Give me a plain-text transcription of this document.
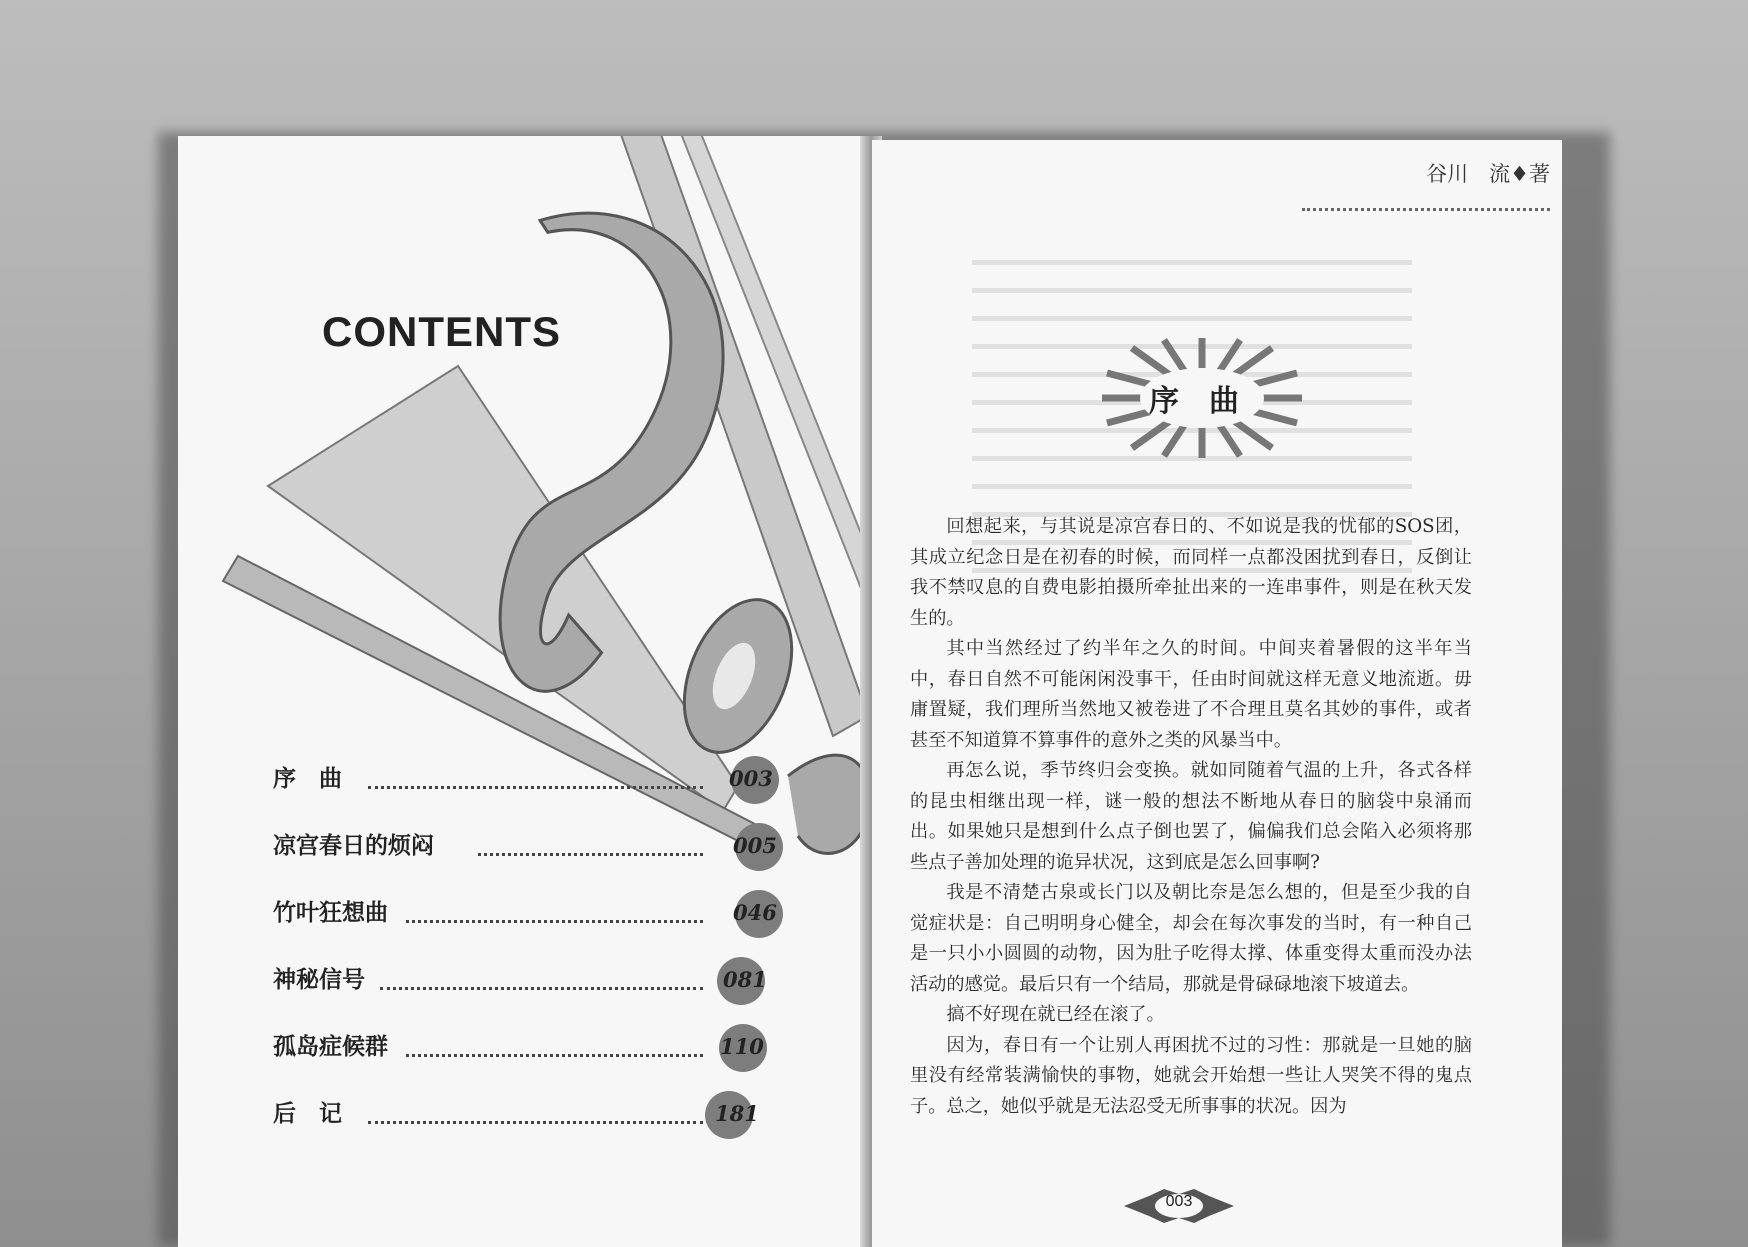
CONTENTS
序　曲	003
凉宫春日的烦闷	005
竹叶狂想曲	046
神秘信号	081
孤岛症候群	110
后　记	181
谷川　流♦著
序曲

回想起来，与其说是凉宫春日的、不如说是我的忧郁的SOS团，其成立纪念日是在初春的时候，而同样一点都没困扰到春日，反倒让我不禁叹息的自费电影拍摄所牵扯出来的一连串事件，则是在秋天发生的。

其中当然经过了约半年之久的时间。中间夹着暑假的这半年当中，春日自然不可能闲闲没事干，任由时间就这样无意义地流逝。毋庸置疑，我们理所当然地又被卷进了不合理且莫名其妙的事件，或者甚至不知道算不算事件的意外之类的风暴当中。

再怎么说，季节终归会变换。就如同随着气温的上升，各式各样的昆虫相继出现一样，谜一般的想法不断地从春日的脑袋中泉涌而出。如果她只是想到什么点子倒也罢了，偏偏我们总会陷入必须将那些点子善加处理的诡异状况，这到底是怎么回事啊?

我是不清楚古泉或长门以及朝比奈是怎么想的，但是至少我的自觉症状是：自己明明身心健全，却会在每次事发的当时，有一种自己是一只小小圆圆的动物，因为肚子吃得太撑、体重变得太重而没办法活动的感觉。最后只有一个结局，那就是骨碌碌地滚下坡道去。

搞不好现在就已经在滚了。

因为，春日有一个让别人再困扰不过的习性：那就是一旦她的脑里没有经常装满愉快的事物，她就会开始想一些让人哭笑不得的鬼点子。总之，她似乎就是无法忍受无所事事的状况。因为

003
